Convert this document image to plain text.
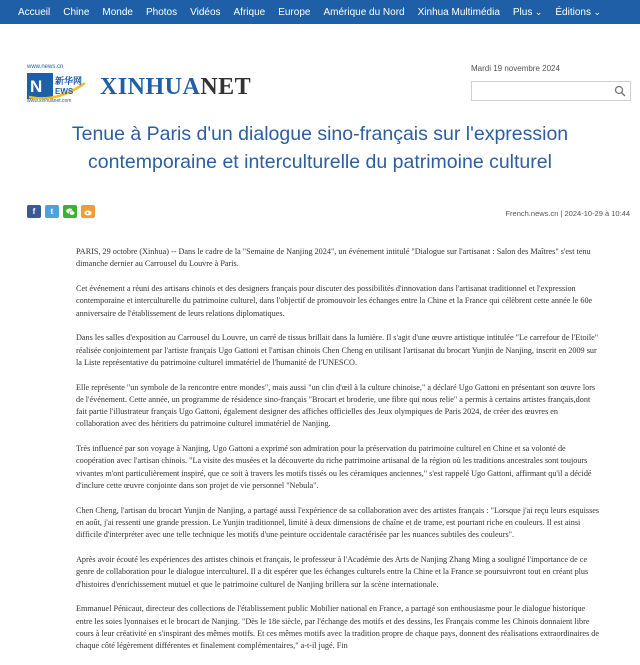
Accueil Chine Monde Photos Vidéos Afrique Europe Amérique du Nord Xinhua Multimédia Plus ⌄	Éditions ⌄
www.news.cn
N 新华网
EWS
www.xinhuanet.com
XINHUANET
Mardi 19 novembre 2024
Tenue à Paris d'un dialogue sino-français sur l'expression contemporaine et interculturelle du patrimoine culturel
f t	French.news.cn | 2024-10-29 à 10:44

PARIS, 29 octobre (Xinhua) -- Dans le cadre de la "Semaine de Nanjing 2024", un événement intitulé "Dialogue sur l'artisanat : Salon des Maîtres" s'est tenu dimanche dernier au Carrousel du Louvre à Paris.

Cet événement a réuni des artisans chinois et des designers français pour discuter des possibilités d'innovation dans l'artisanat traditionnel et l'expression contemporaine et interculturelle du patrimoine culturel, dans l'objectif de promouvoir les échanges entre la Chine et la France qui célèbrent cette année le 60e anniversaire de l'établissement de leurs relations diplomatiques.

Dans les salles d'exposition au Carrousel du Louvre, un carré de tissus brillait dans la lumière. Il s'agit d'une œuvre artistique intitulée "Le carrefour de l'Etoile" réalisée conjointement par l'artiste français Ugo Gattoni et l'artisan chinois Chen Cheng en utilisant l'artisanat du brocart Yunjin de Nanjing, inscrit en 2009 sur la Liste représentative du patrimoine culturel immatériel de l'humanité de l'UNESCO.

Elle représente "un symbole de la rencontre entre mondes", mais aussi "un clin d'œil à la culture chinoise," a déclaré Ugo Gattoni en présentant son œuvre lors de l'événement. Cette année, un programme de résidence sino-français "Brocart et broderie, une fibre qui nous relie" a permis à certains artistes français,dont fait partie l'illustrateur français Ugo Gattoni, également designer des affiches officielles des Jeux olympiques de Paris 2024, de créer des œuvres en collaboration avec des héritiers du patrimoine culturel immatériel de Nanjing.

Très influencé par son voyage à Nanjing, Ugo Gattoni a exprimé son admiration pour la préservation du patrimoine culturel en Chine et sa volonté de coopération avec l'artisan chinois. "La visite des musées et la découverte du riche patrimoine artisanal de la région où les traditions ancestrales sont toujours vivantes m'ont particulièrement inspiré, que ce soit à travers les motifs tissés ou les céramiques anciennes," s'est rappelé Ugo Gattoni, affirmant qu'il a décidé d'inclure cette œuvre conjointe dans son projet de vie personnel "Nebula".

Chen Cheng, l'artisan du brocart Yunjin de Nanjing, a partagé aussi l'expérience de sa collaboration avec des artistes français : "Lorsque j'ai reçu leurs esquisses en août, j'ai ressenti une grande pression. Le Yunjin traditionnel, limité à deux dimensions de chaîne et de trame, est pourtant riche en couleurs. Il est ainsi difficile d'interpréter avec une telle technique les motifs d'une peinture occidentale caractérisée par les nuances subtiles des couleurs".

Après avoir écouté les expériences des artistes chinois et français, le professeur à l'Académie des Arts de Nanjing Zhang Ming a souligné l'importance de ce genre de collaboration pour le dialogue interculturel. Il a dit espérer que les échanges culturels entre la Chine et la France se poursuivront tout en créant plus d'histoires d'enrichissement mutuel et que le patrimoine culturel de Nanjing brillera sur la scène internationale.

Emmanuel Pénicaut, directeur des collections de l'établissement public Mobilier national en France, a partagé son enthousiasme pour le dialogue historique entre les soies lyonnaises et le brocart de Nanjing. "Dès le 18e siècle, par l'échange des motifs et des dessins, les Français comme les Chinois donnaient libre cours à leur créativité en s'inspirant des mêmes motifs. Et ces mêmes motifs avec la tradition propre de chaque pays, donnent des réalisations extraordinaires de chaque côté légèrement différentes et finalement complémentaires," a-t-il jugé. Fin
